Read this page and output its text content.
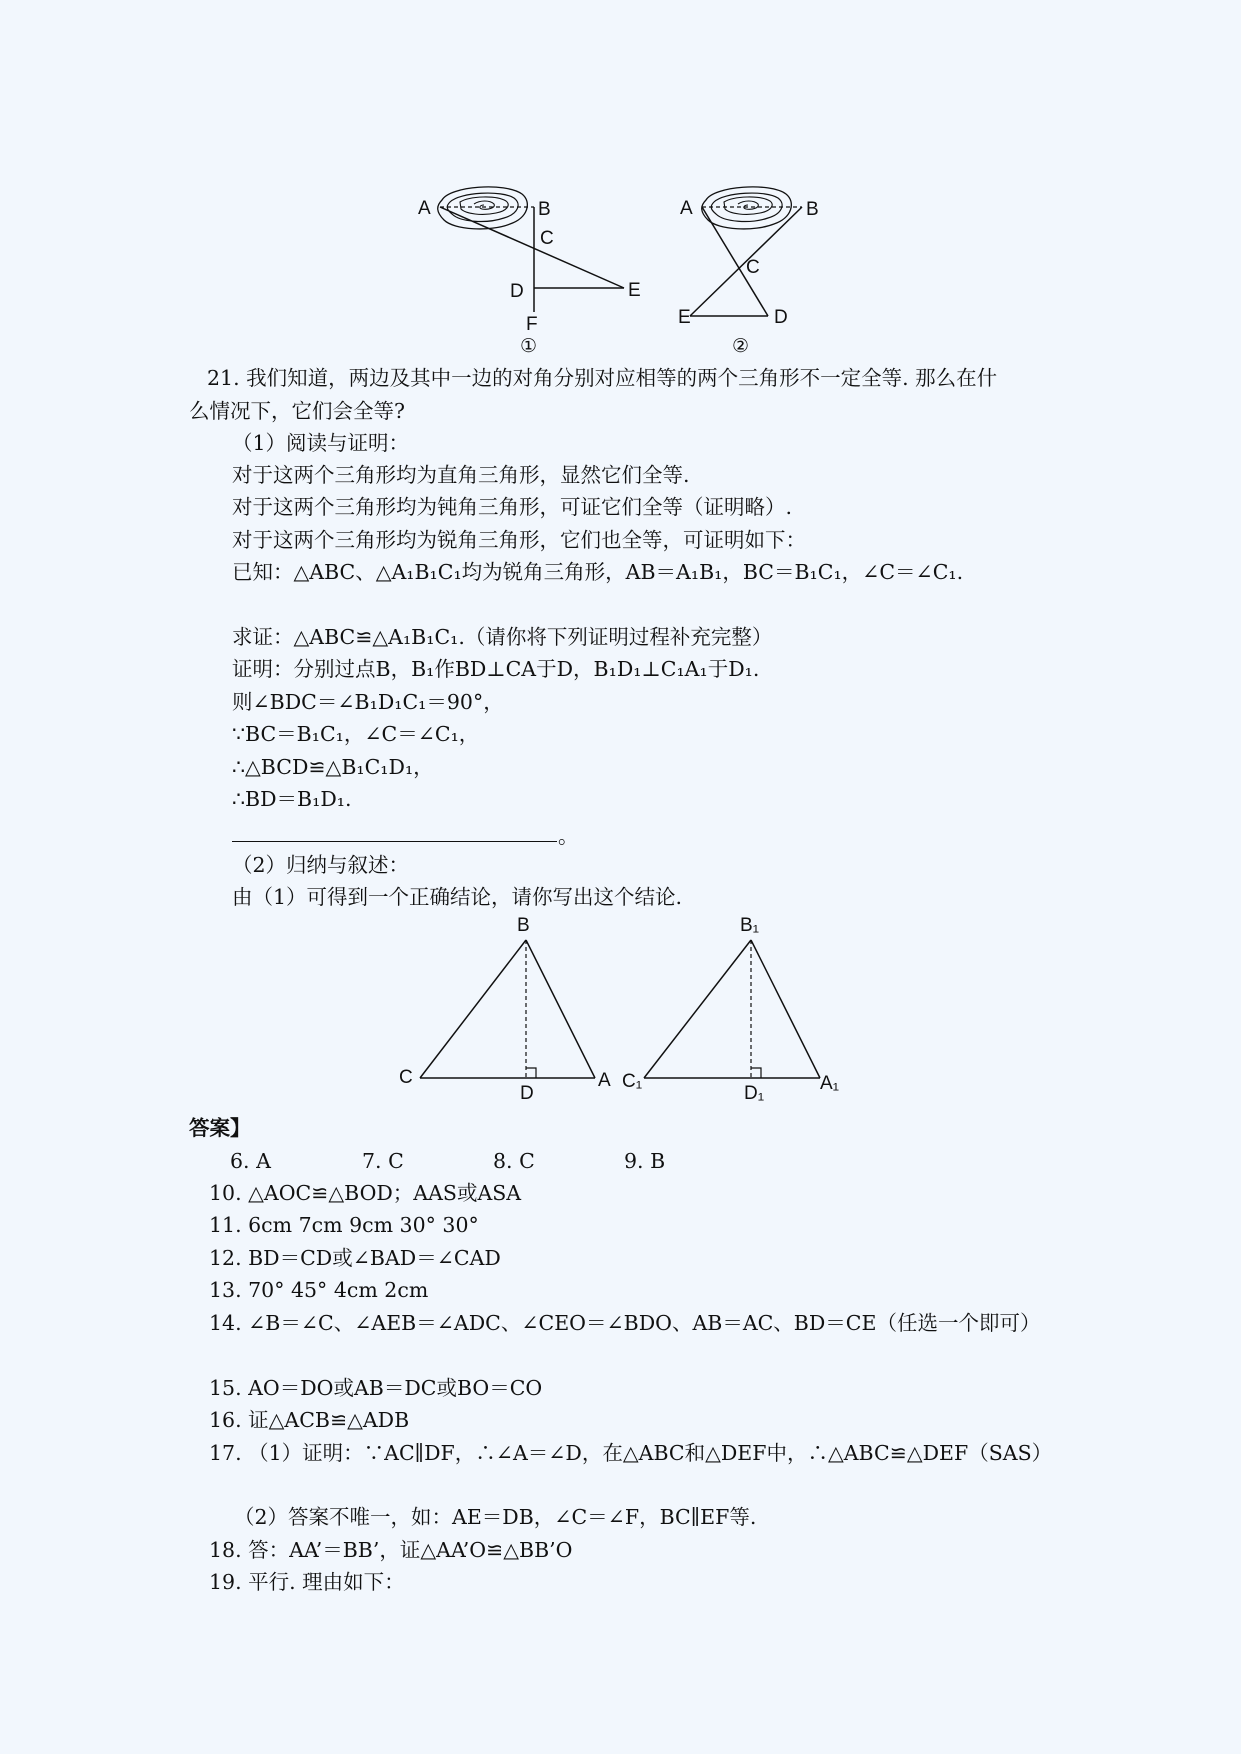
A	B
C
D	E
F
①
A	B
C
E	D
②
21. 我们知道，两边及其中一边的对角分别对应相等的两个三角形不一定全等. 那么在什
么情况下，它们会全等?
（1）阅读与证明：
对于这两个三角形均为直角三角形，显然它们全等.
对于这两个三角形均为钝角三角形，可证它们全等（证明略）.
对于这两个三角形均为锐角三角形，它们也全等，可证明如下：
已知：△ABC、△A₁B₁C₁均为锐角三角形，AB＝A₁B₁，BC＝B₁C₁，∠C＝∠C₁.
求证：△ABC≌△A₁B₁C₁.（请你将下列证明过程补充完整）
证明：分别过点B，B₁作BD⊥CA于D，B₁D₁⊥C₁A₁于D₁.
则∠BDC＝∠B₁D₁C₁＝90°，
∵BC＝B₁C₁，∠C＝∠C₁，
∴△BCD≌△B₁C₁D₁，
∴BD＝B₁D₁.
。
（2）归纳与叙述：
由（1）可得到一个正确结论，请你写出这个结论.
B
C
D
A
B₁
C₁
D₁	A₁
答案】
6. A	7. C	8. C	9. B
10. △AOC≌△BOD；AAS或ASA
11. 6cm 7cm 9cm 30° 30°
12. BD＝CD或∠BAD＝∠CAD
13. 70° 45° 4cm 2cm
14. ∠B＝∠C、∠AEB＝∠ADC、∠CEO＝∠BDO、AB＝AC、BD＝CE（任选一个即可）
15. AO＝DO或AB＝DC或BO＝CO
16. 证△ACB≌△ADB
17. （1）证明：∵AC∥DF，∴∠A＝∠D，在△ABC和△DEF中，∴△ABC≌△DEF（SAS）
（2）答案不唯一，如：AE＝DB，∠C＝∠F，BC∥EF等.
18. 答：AA’＝BB’，证△AA’O≌△BB’O
19. 平行. 理由如下：
